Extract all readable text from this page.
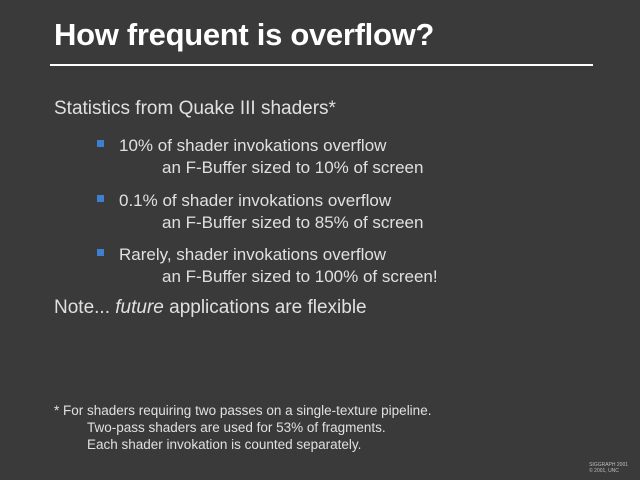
How frequent is overflow?
Statistics from Quake III shaders*
10% of shader invokations overflow
an F-Buffer sized to 10% of screen
0.1% of shader invokations overflow
an F-Buffer sized to 85% of screen
Rarely, shader invokations overflow
an F-Buffer sized to 100% of screen!
Note... future applications are flexible
* For shaders requiring two passes on a single-texture pipeline.
Two-pass shaders are used for 53% of fragments.
Each shader invokation is counted separately.
SIGGRAPH 2001
© 2001, UNC
